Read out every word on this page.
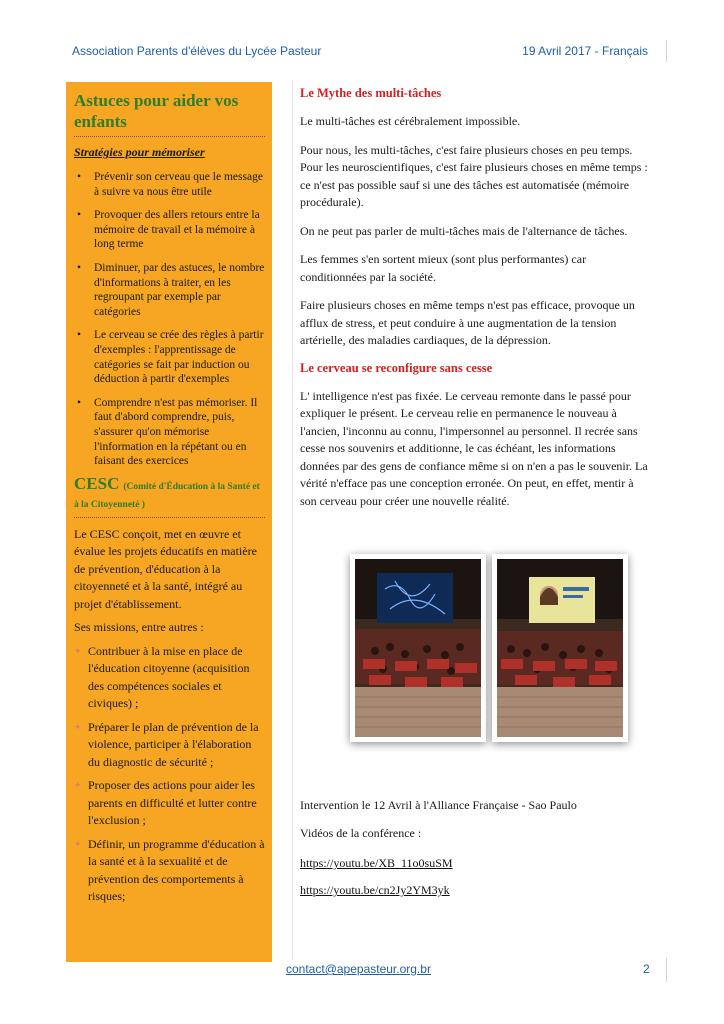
Association Parents d'élèves du Lycée Pasteur	19 Avril 2017 - Français
Astuces pour aider vos enfants
Stratégies pour mémoriser
• Prévenir son cerveau que le message à suivre va nous être utile
• Provoquer des allers retours entre la mémoire de travail et la mémoire à long terme
• Diminuer, par des astuces, le nombre d'informations à traiter, en les regroupant par exemple par catégories
• Le cerveau se crée des règles à partir d'exemples : l'apprentissage de catégories se fait par induction ou déduction à partir d'exemples
• Comprendre n'est pas mémoriser. Il faut d'abord comprendre, puis, s'assurer qu'on mémorise l'information en la répétant ou en faisant des exercices
CESC (Comité d'Éducation à la Santé et à la Citoyenneté )

Le CESC conçoit, met en œuvre et évalue les projets éducatifs en matière de prévention, d'éducation à la citoyenneté et à la santé, intégré au projet d'établissement.

Ses missions, entre autres :

✦ Contribuer à la mise en place de l'éducation citoyenne (acquisition des compétences sociales et civiques) ;
✦ Préparer le plan de prévention de la violence, participer à l'élaboration du diagnostic de sécurité ;
✦ Proposer des actions pour aider les parents en difficulté et lutter contre l'exclusion ;
✦ Définir, un programme d'éducation à la santé et à la sexualité et de prévention des comportements à risques;
Le Mythe des multi-tâches

Le multi-tâches est cérébralement impossible.

Pour nous, les multi-tâches, c'est faire plusieurs choses en peu temps. Pour les neuroscientifiques, c'est faire plusieurs choses en même temps : ce n'est pas possible sauf si une des tâches est automatisée (mémoire procédurale).

On ne peut pas parler de multi-tâches mais de l'alternance de tâches.

Les femmes s'en sortent mieux (sont plus performantes) car conditionnées par la société.

Faire plusieurs choses en même temps n'est pas efficace, provoque un afflux de stress, et peut conduire à une augmentation de la tension artérielle, des maladies cardiaques, de la dépression.

Le cerveau se reconfigure sans cesse

L' intelligence n'est pas fixée. Le cerveau remonte dans le passé pour expliquer le présent. Le cerveau relie en permanence le nouveau à l'ancien, l'inconnu au connu, l'impersonnel au personnel. Il recrée sans cesse nos souvenirs et additionne, le cas échéant, les informations données par des gens de confiance même si on n'en a pas le souvenir. La vérité n'efface pas une conception erronée. On peut, en effet, mentir à son cerveau pour créer une nouvelle réalité.

Intervention le 12 Avril à l'Alliance Française - Sao Paulo
Vidéos de la conférence :
https://youtu.be/XB_11o0suSM
https://youtu.be/cn2Jy2YM3yk
contact@apepasteur.org.br	2
